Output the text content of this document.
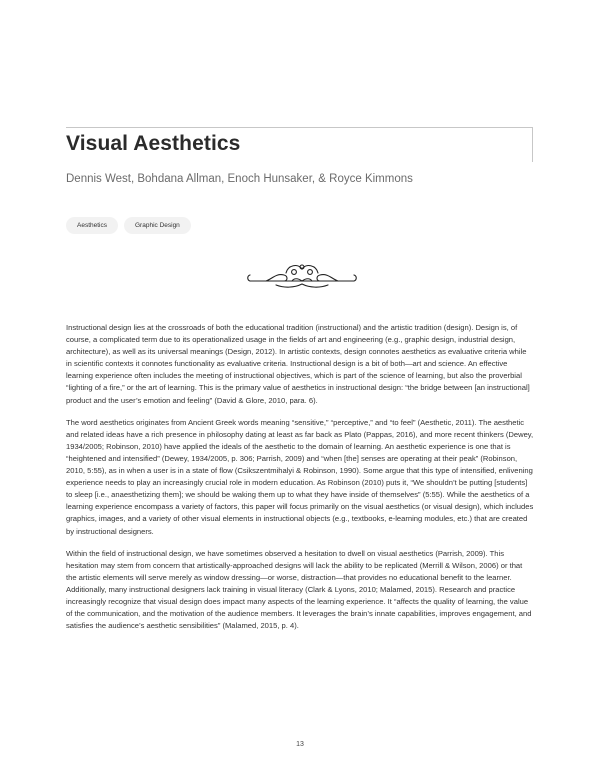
Visual Aesthetics
Dennis West, Bohdana Allman, Enoch Hunsaker, & Royce Kimmons
Aesthetics	Graphic Design

Instructional design lies at the crossroads of both the educational tradition (instructional) and the artistic tradition (design). Design is, of course, a complicated term due to its operationalized usage in the fields of art and engineering (e.g., graphic design, industrial design, architecture), as well as its universal meanings (Design, 2012). In artistic contexts, design connotes aesthetics as evaluative criteria while in scientific contexts it connotes functionality as evaluative criteria. Instructional design is a bit of both—art and science. An effective learning experience often includes the meeting of instructional objectives, which is part of the science of learning, but also the proverbial “lighting of a fire,” or the art of learning. This is the primary value of aesthetics in instructional design: “the bridge between [an instructional] product and the user’s emotion and feeling” (David & Glore, 2010, para. 6).

The word aesthetics originates from Ancient Greek words meaning “sensitive,” “perceptive,” and “to feel” (Aesthetic, 2011). The aesthetic and related ideas have a rich presence in philosophy dating at least as far back as Plato (Pappas, 2016), and more recent thinkers (Dewey, 1934/2005; Robinson, 2010) have applied the ideals of the aesthetic to the domain of learning. An aesthetic experience is one that is “heightened and intensified” (Dewey, 1934/2005, p. 306; Parrish, 2009) and “when [the] senses are operating at their peak” (Robinson, 2010, 5:55), as in when a user is in a state of flow (Csikszentmihalyi & Robinson, 1990). Some argue that this type of intensified, enlivening experience needs to play an increasingly crucial role in modern education. As Robinson (2010) puts it, “We shouldn’t be putting [students] to sleep [i.e., anaesthetizing them]; we should be waking them up to what they have inside of themselves” (5:55). While the aesthetics of a learning experience encompass a variety of factors, this paper will focus primarily on the visual aesthetics (or visual design), which includes graphics, images, and a variety of other visual elements in instructional objects (e.g., textbooks, e-learning modules, etc.) that are created by instructional designers.

Within the field of instructional design, we have sometimes observed a hesitation to dwell on visual aesthetics (Parrish, 2009). This hesitation may stem from concern that artistically-approached designs will lack the ability to be replicated (Merrill & Wilson, 2006) or that the artistic elements will serve merely as window dressing—or worse, distraction—that provides no educational benefit to the learner. Additionally, many instructional designers lack training in visual literacy (Clark & Lyons, 2010; Malamed, 2015). Research and practice increasingly recognize that visual design does impact many aspects of the learning experience. It “affects the quality of learning, the value of the communication, and the motivation of the audience members. It leverages the brain’s innate capabilities, improves engagement, and satisfies the audience’s aesthetic sensibilities” (Malamed, 2015, p. 4).

13
